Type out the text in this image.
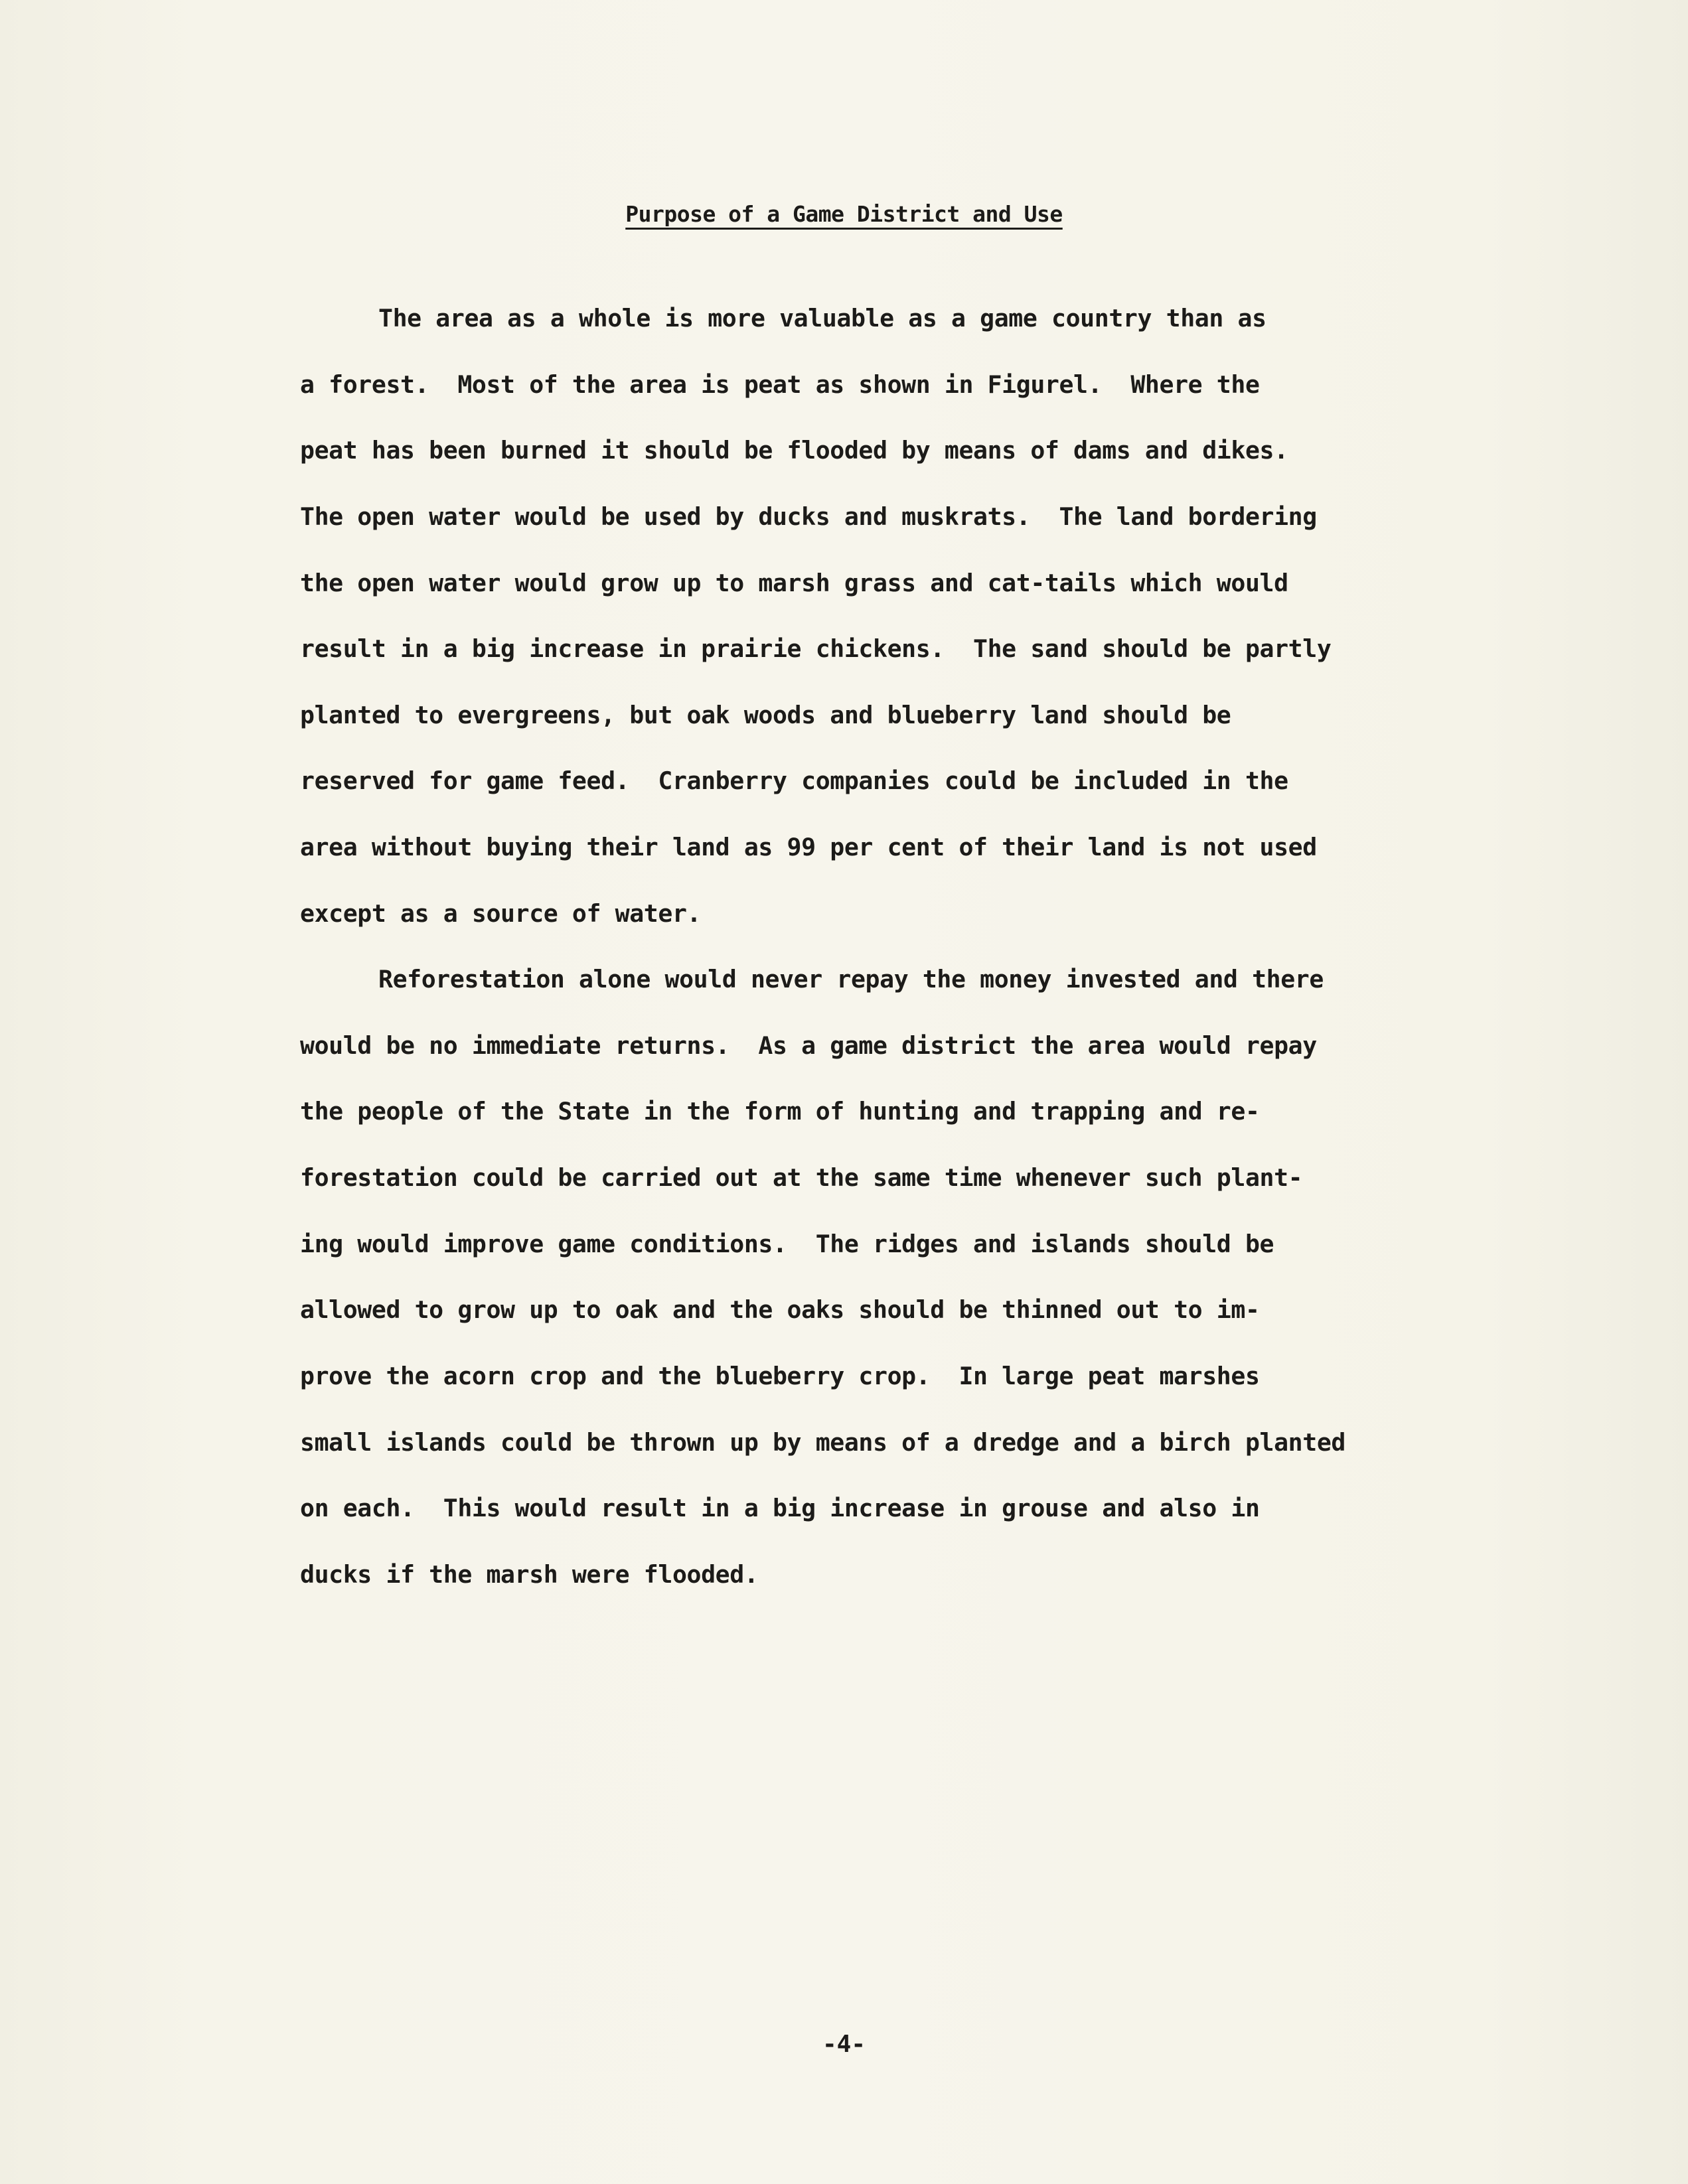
Purpose of a Game District and Use

The area as a whole is more valuable as a game country than as

a forest.  Most of the area is peat as shown in Figurel.  Where the

peat has been burned it should be flooded by means of dams and dikes.

The open water would be used by ducks and muskrats.  The land bordering

the open water would grow up to marsh grass and cat-tails which would

result in a big increase in prairie chickens.  The sand should be partly

planted to evergreens, but oak woods and blueberry land should be

reserved for game feed.  Cranberry companies could be included in the

area without buying their land as 99 per cent of their land is not used

except as a source of water.

Reforestation alone would never repay the money invested and there

would be no immediate returns.  As a game district the area would repay

the people of the State in the form of hunting and trapping and re-

forestation could be carried out at the same time whenever such plant-

ing would improve game conditions.  The ridges and islands should be

allowed to grow up to oak and the oaks should be thinned out to im-

prove the acorn crop and the blueberry crop.  In large peat marshes

small islands could be thrown up by means of a dredge and a birch planted

on each.  This would result in a big increase in grouse and also in

ducks if the marsh were flooded.

-4-
